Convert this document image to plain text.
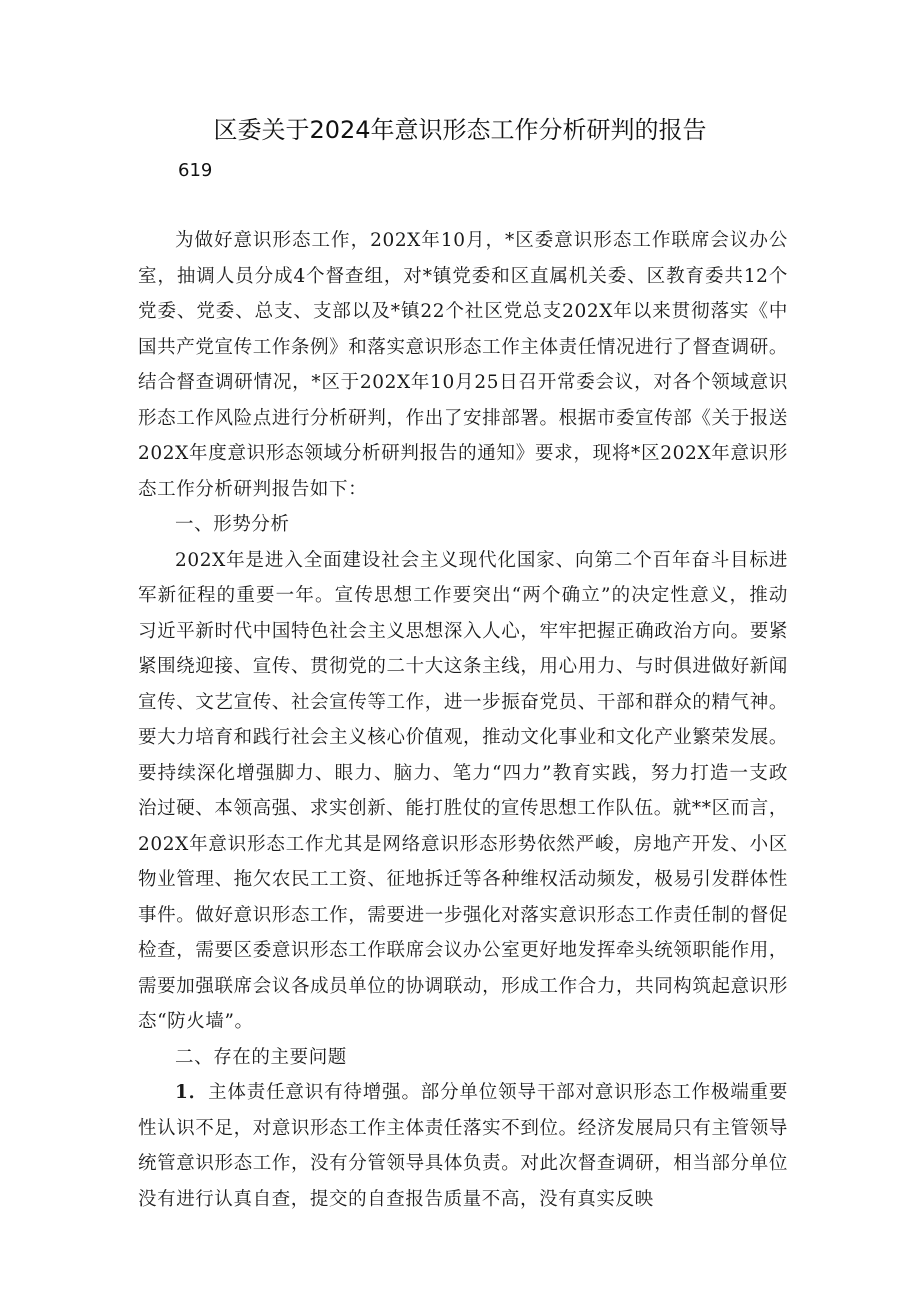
区委关于2024年意识形态工作分析研判的报告
619

为做好意识形态工作，202X年10月，*区委意识形态工作联席会议办公室，抽调人员分成4个督查组，对*镇党委和区直属机关委、区教育委共12个党委、党委、总支、支部以及*镇22个社区党总支202X年以来贯彻落实《中国共产党宣传工作条例》和落实意识形态工作主体责任情况进行了督查调研。结合督查调研情况，*区于202X年10月25日召开常委会议，对各个领域意识形态工作风险点进行分析研判，作出了安排部署。根据市委宣传部《关于报送202X年度意识形态领域分析研判报告的通知》要求，现将*区202X年意识形态工作分析研判报告如下：

一、形势分析

202X年是进入全面建设社会主义现代化国家、向第二个百年奋斗目标进军新征程的重要一年。宣传思想工作要突出“两个确立”的决定性意义，推动习近平新时代中国特色社会主义思想深入人心，牢牢把握正确政治方向。要紧紧围绕迎接、宣传、贯彻党的二十大这条主线，用心用力、与时俱进做好新闻宣传、文艺宣传、社会宣传等工作，进一步振奋党员、干部和群众的精气神。要大力培育和践行社会主义核心价值观，推动文化事业和文化产业繁荣发展。要持续深化增强脚力、眼力、脑力、笔力“四力”教育实践，努力打造一支政治过硬、本领高强、求实创新、能打胜仗的宣传思想工作队伍。就**区而言，202X年意识形态工作尤其是网络意识形态形势依然严峻，房地产开发、小区物业管理、拖欠农民工工资、征地拆迁等各种维权活动频发，极易引发群体性事件。做好意识形态工作，需要进一步强化对落实意识形态工作责任制的督促检查，需要区委意识形态工作联席会议办公室更好地发挥牵头统领职能作用，需要加强联席会议各成员单位的协调联动，形成工作合力，共同构筑起意识形态“防火墙”。

二、存在的主要问题

1．主体责任意识有待增强。部分单位领导干部对意识形态工作极端重要性认识不足，对意识形态工作主体责任落实不到位。经济发展局只有主管领导统管意识形态工作，没有分管领导具体负责。对此次督查调研，相当部分单位没有进行认真自查，提交的自查报告质量不高，没有真实反映
